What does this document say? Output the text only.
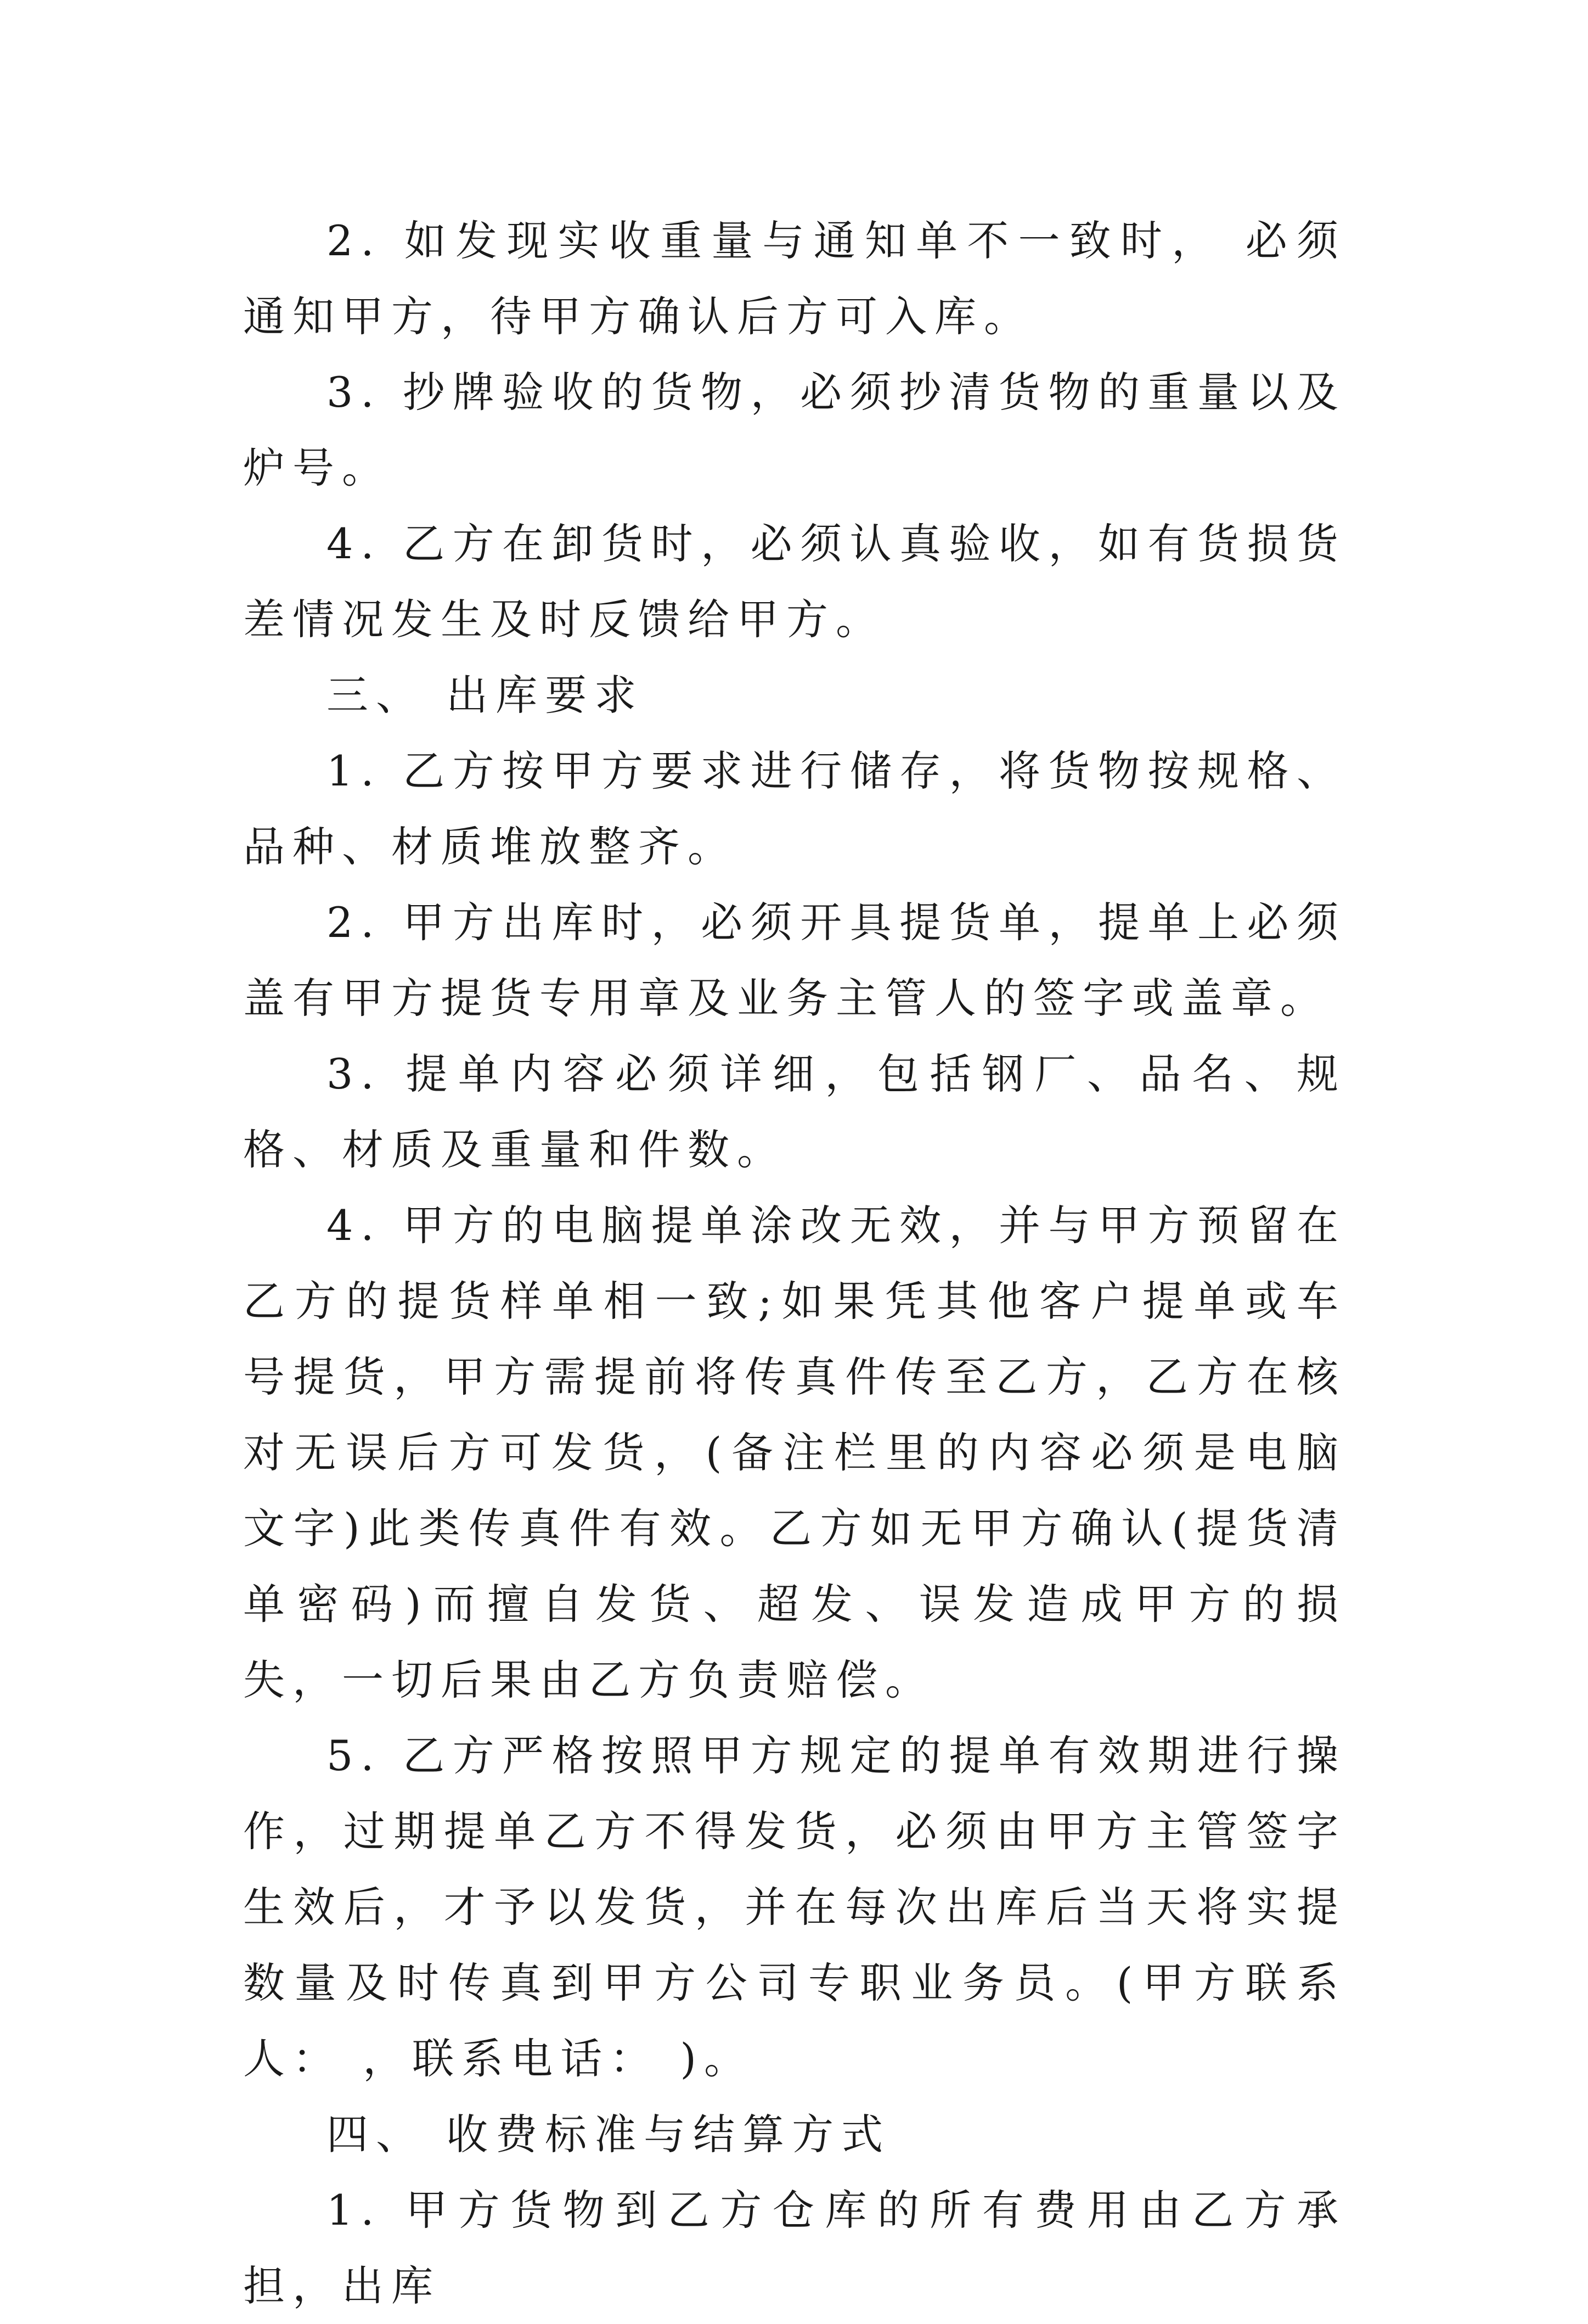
2. 如发现实收重量与通知单不一致时， 必须通知甲方，待甲方确认后方可入库。

3. 抄牌验收的货物，必须抄清货物的重量以及炉号。

4. 乙方在卸货时，必须认真验收，如有货损货差情况发生及时反馈给甲方。

三、 出库要求

1. 乙方按甲方要求进行储存，将货物按规格、品种、材质堆放整齐。

2. 甲方出库时，必须开具提货单，提单上必须盖有甲方提货专用章及业务主管人的签字或盖章。

3. 提单内容必须详细，包括钢厂、品名、规格、材质及重量和件数。

4. 甲方的电脑提单涂改无效，并与甲方预留在乙方的提货样单相一致;如果凭其他客户提单或车号提货，甲方需提前将传真件传至乙方，乙方在核对无误后方可发货，(备注栏里的内容必须是电脑文字)此类传真件有效。乙方如无甲方确认(提货清单密码)而擅自发货、超发、误发造成甲方的损失，一切后果由乙方负责赔偿。

5. 乙方严格按照甲方规定的提单有效期进行操作，过期提单乙方不得发货，必须由甲方主管签字生效后，才予以发货，并在每次出库后当天将实提数量及时传真到甲方公司专职业务员。(甲方联系人： ，联系电话： )。

四、 收费标准与结算方式

1. 甲方货物到乙方仓库的所有费用由乙方承担，出库
